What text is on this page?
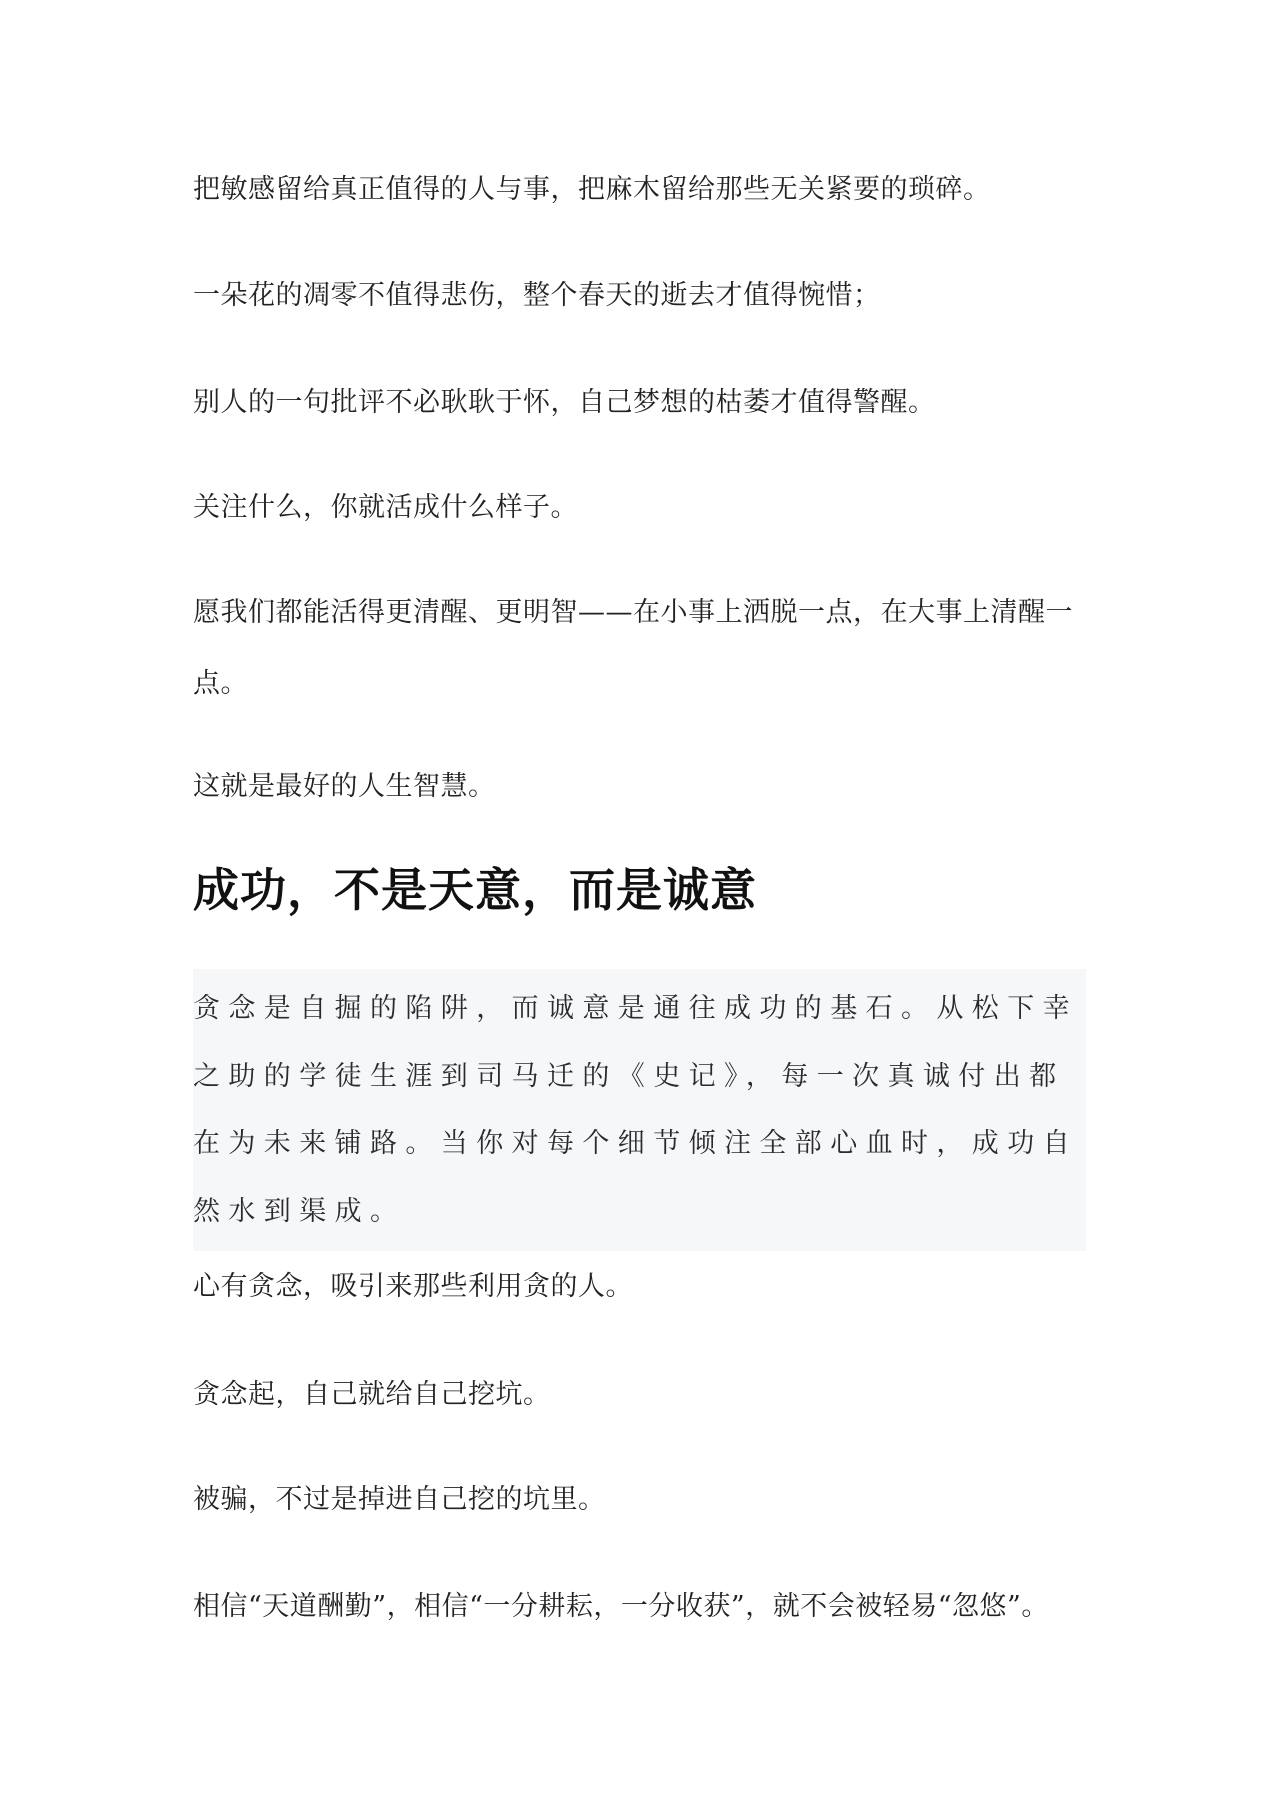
把敏感留给真正值得的人与事，把麻木留给那些无关紧要的琐碎。

一朵花的凋零不值得悲伤，整个春天的逝去才值得惋惜；

别人的一句批评不必耿耿于怀，自己梦想的枯萎才值得警醒。

关注什么，你就活成什么样子。

愿我们都能活得更清醒、更明智——在小事上洒脱一点，在大事上清醒一点。

这就是最好的人生智慧。

成功，不是天意，而是诚意

贪念是自掘的陷阱，而诚意是通往成功的基石。从松下幸之助的学徒生涯到司马迁的《史记》，每一次真诚付出都在为未来铺路。当你对每个细节倾注全部心血时，成功自然水到渠成。

心有贪念，吸引来那些利用贪的人。

贪念起，自己就给自己挖坑。

被骗，不过是掉进自己挖的坑里。

相信“天道酬勤”，相信“一分耕耘，一分收获”，就不会被轻易“忽悠”。
